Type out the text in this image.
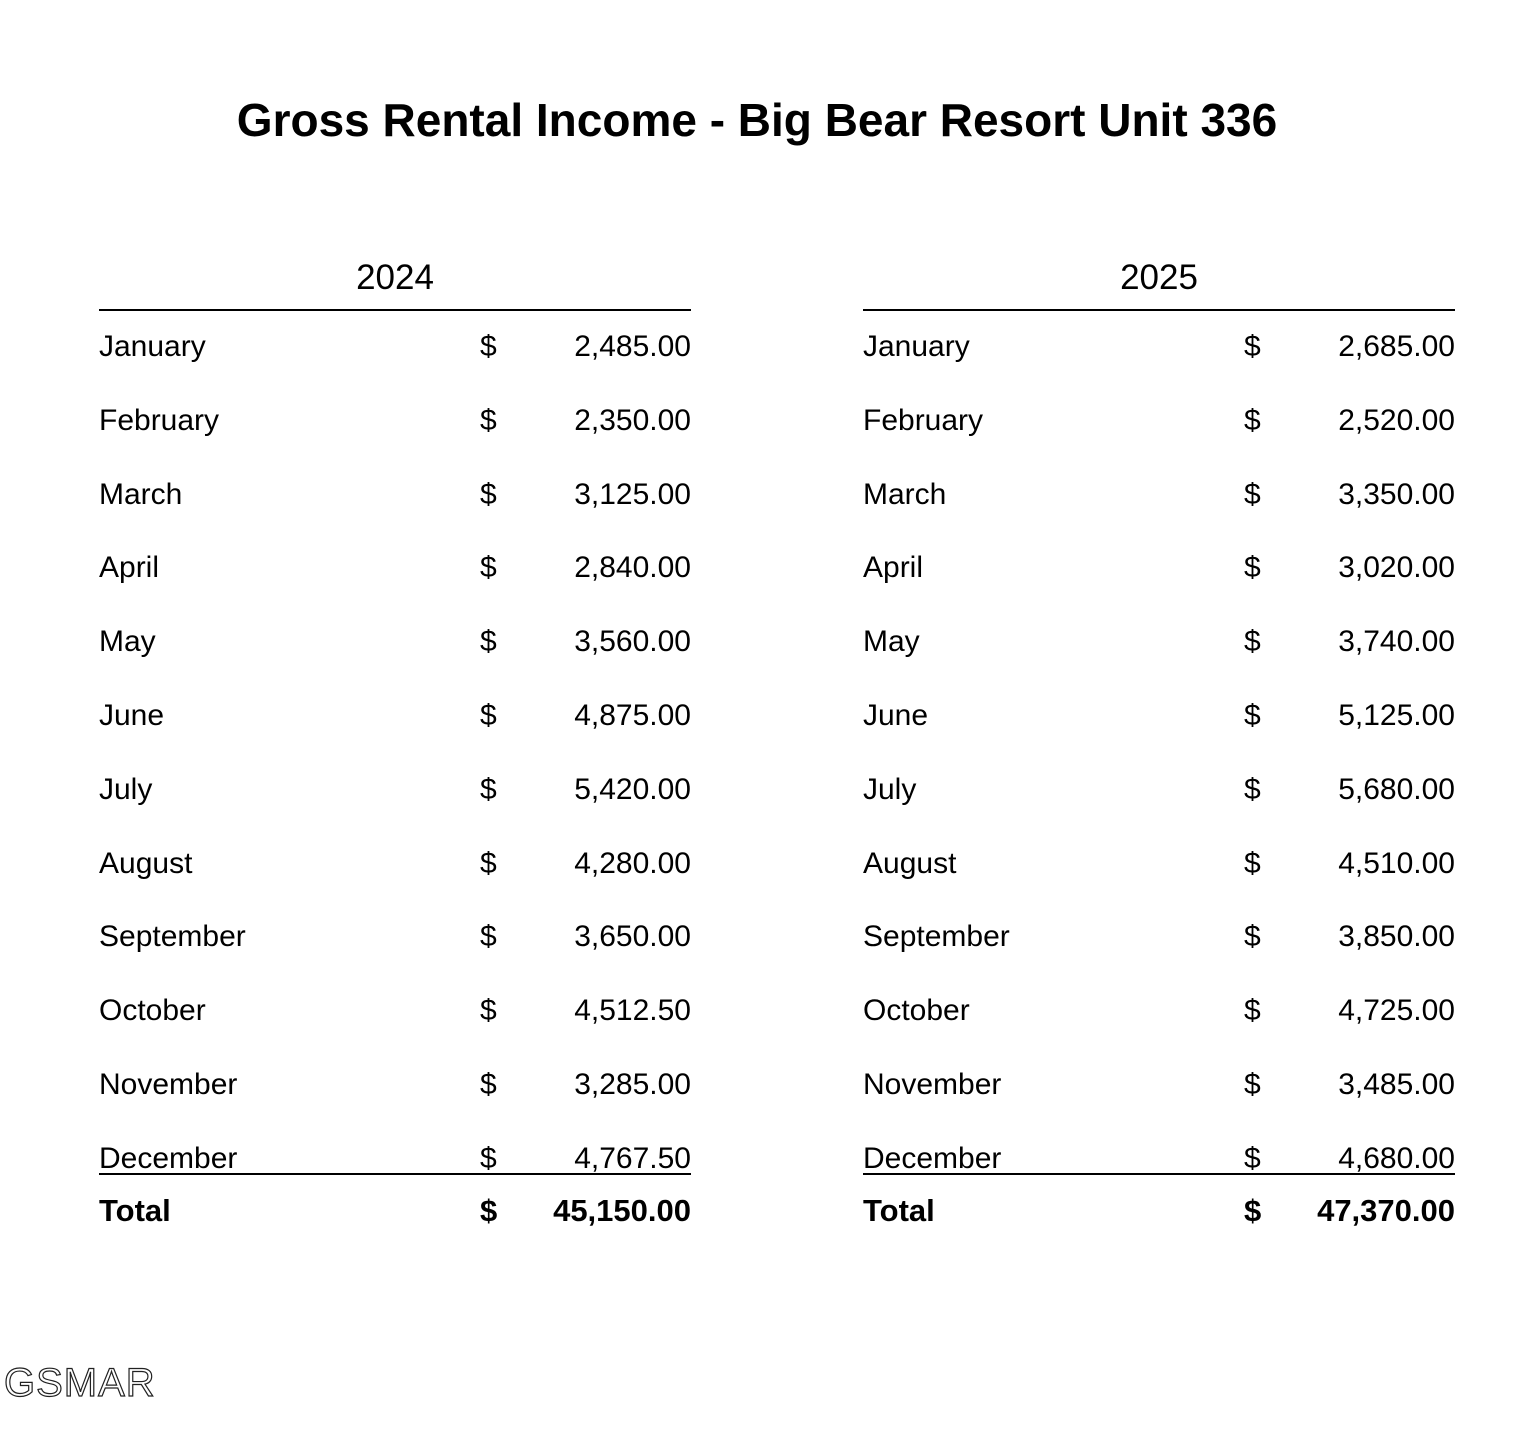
Gross Rental Income - Big Bear Resort Unit 336
2024
January	$	2,485.00
February	$	2,350.00
March	$	3,125.00
April	$	2,840.00
May	$	3,560.00
June	$	4,875.00
July	$	5,420.00
August	$	4,280.00
September	$	3,650.00
October	$	4,512.50
November	$	3,285.00
December	$	4,767.50
Total	$ 45,150.00
2025
January	$	2,685.00
February	$	2,520.00
March	$	3,350.00
April	$	3,020.00
May	$	3,740.00
June	$	5,125.00
July	$	5,680.00
August	$	4,510.00
September	$	3,850.00
October	$	4,725.00
November	$	3,485.00
December	$	4,680.00
Total	$ 47,370.00
GSMAR
